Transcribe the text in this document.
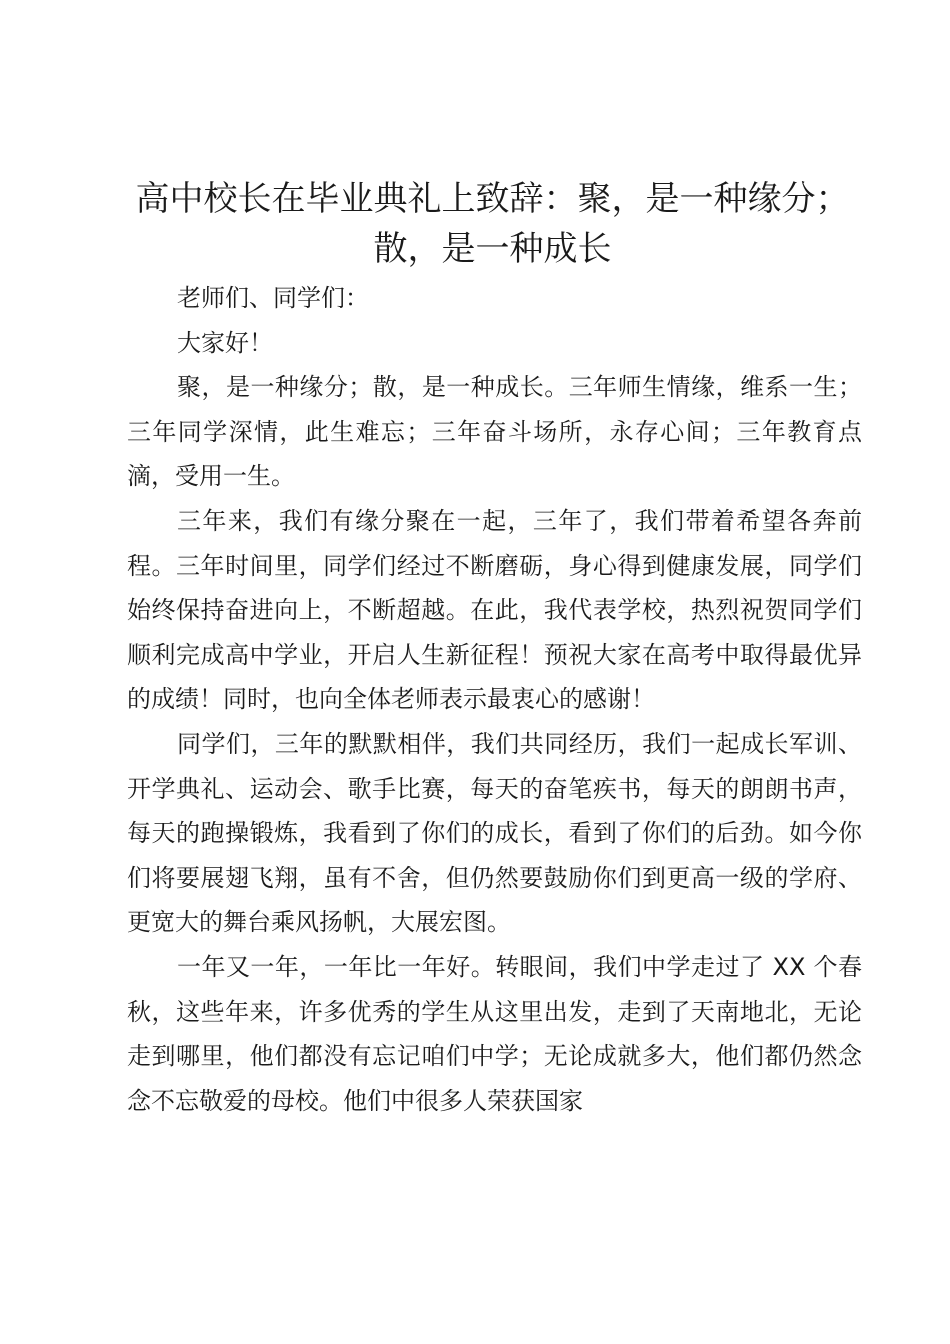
高中校长在毕业典礼上致辞：聚，是一种缘分；散，是一种成长

老师们、同学们：

大家好！

聚，是一种缘分；散，是一种成长。三年师生情缘，维系一生；三年同学深情，此生难忘；三年奋斗场所，永存心间；三年教育点滴，受用一生。

三年来，我们有缘分聚在一起，三年了，我们带着希望各奔前程。三年时间里，同学们经过不断磨砺，身心得到健康发展，同学们始终保持奋进向上，不断超越。在此，我代表学校，热烈祝贺同学们顺利完成高中学业，开启人生新征程！预祝大家在高考中取得最优异的成绩！同时，也向全体老师表示最衷心的感谢！

同学们，三年的默默相伴，我们共同经历，我们一起成长军训、开学典礼、运动会、歌手比赛，每天的奋笔疾书，每天的朗朗书声，每天的跑操锻炼，我看到了你们的成长，看到了你们的后劲。如今你们将要展翅飞翔，虽有不舍，但仍然要鼓励你们到更高一级的学府、更宽大的舞台乘风扬帆，大展宏图。

一年又一年，一年比一年好。转眼间，我们中学走过了 XX 个春秋，这些年来，许多优秀的学生从这里出发，走到了天南地北，无论走到哪里，他们都没有忘记咱们中学；无论成就多大，他们都仍然念念不忘敬爱的母校。他们中很多人荣获国家
